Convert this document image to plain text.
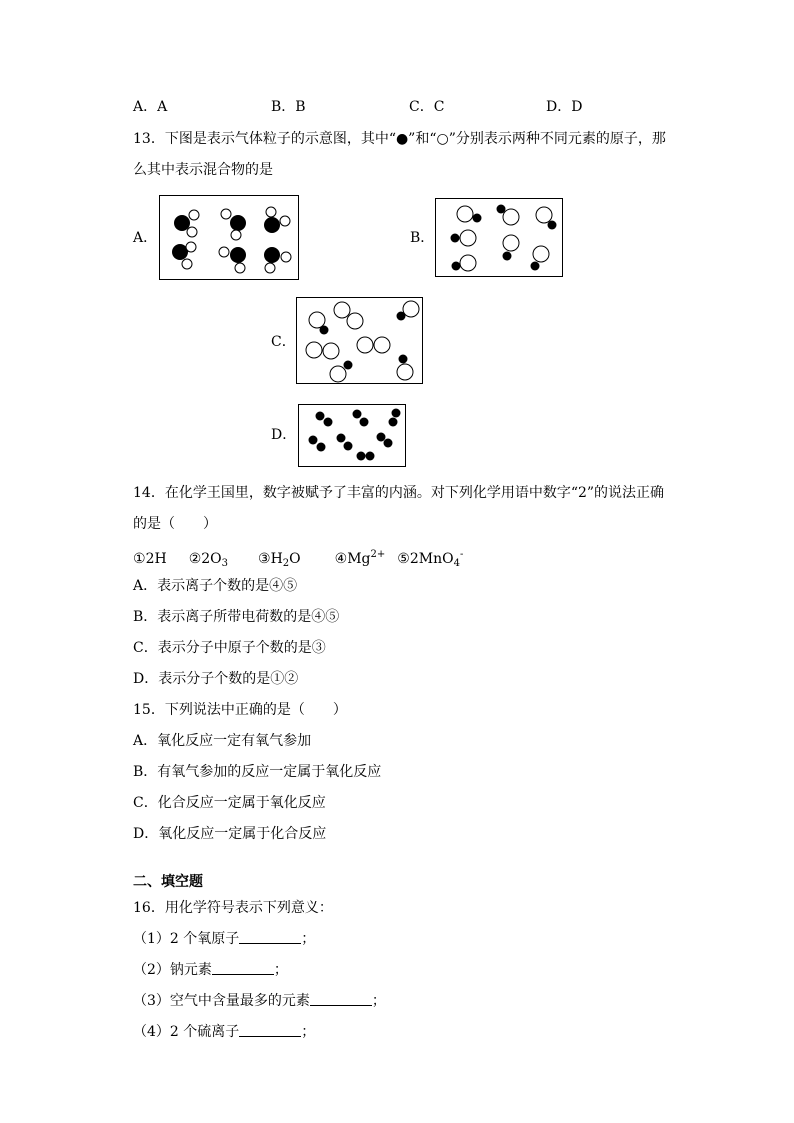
A．A	B．B	C．C	D．D
13．下图是表示气体粒子的示意图，其中“●”和“○”分别表示两种不同元素的原子，那
么其中表示混合物的是
A．	B．
C．
D．
14．在化学王国里，数字被赋予了丰富的内涵。对下列化学用语中数字“2”的说法正确
的是（　　）
①2H $②2O_3$ $③H_2O$ $④Mg^{2+}$ ⑤2MnO$_4$-
A．表示离子个数的是④⑤
B．表示离子所带电荷数的是④⑤
C．表示分子中原子个数的是③
D．表示分子个数的是①②
15．下列说法中正确的是（　　）
A．氧化反应一定有氧气参加
B．有氧气参加的反应一定属于氧化反应
C．化合反应一定属于氧化反应
D．氧化反应一定属于化合反应
二、填空题
16．用化学符号表示下列意义：
（1）2 个氧原子	；
（2）钠元素	；
（3）空气中含量最多的元素	；
（4）2 个硫离子	；
